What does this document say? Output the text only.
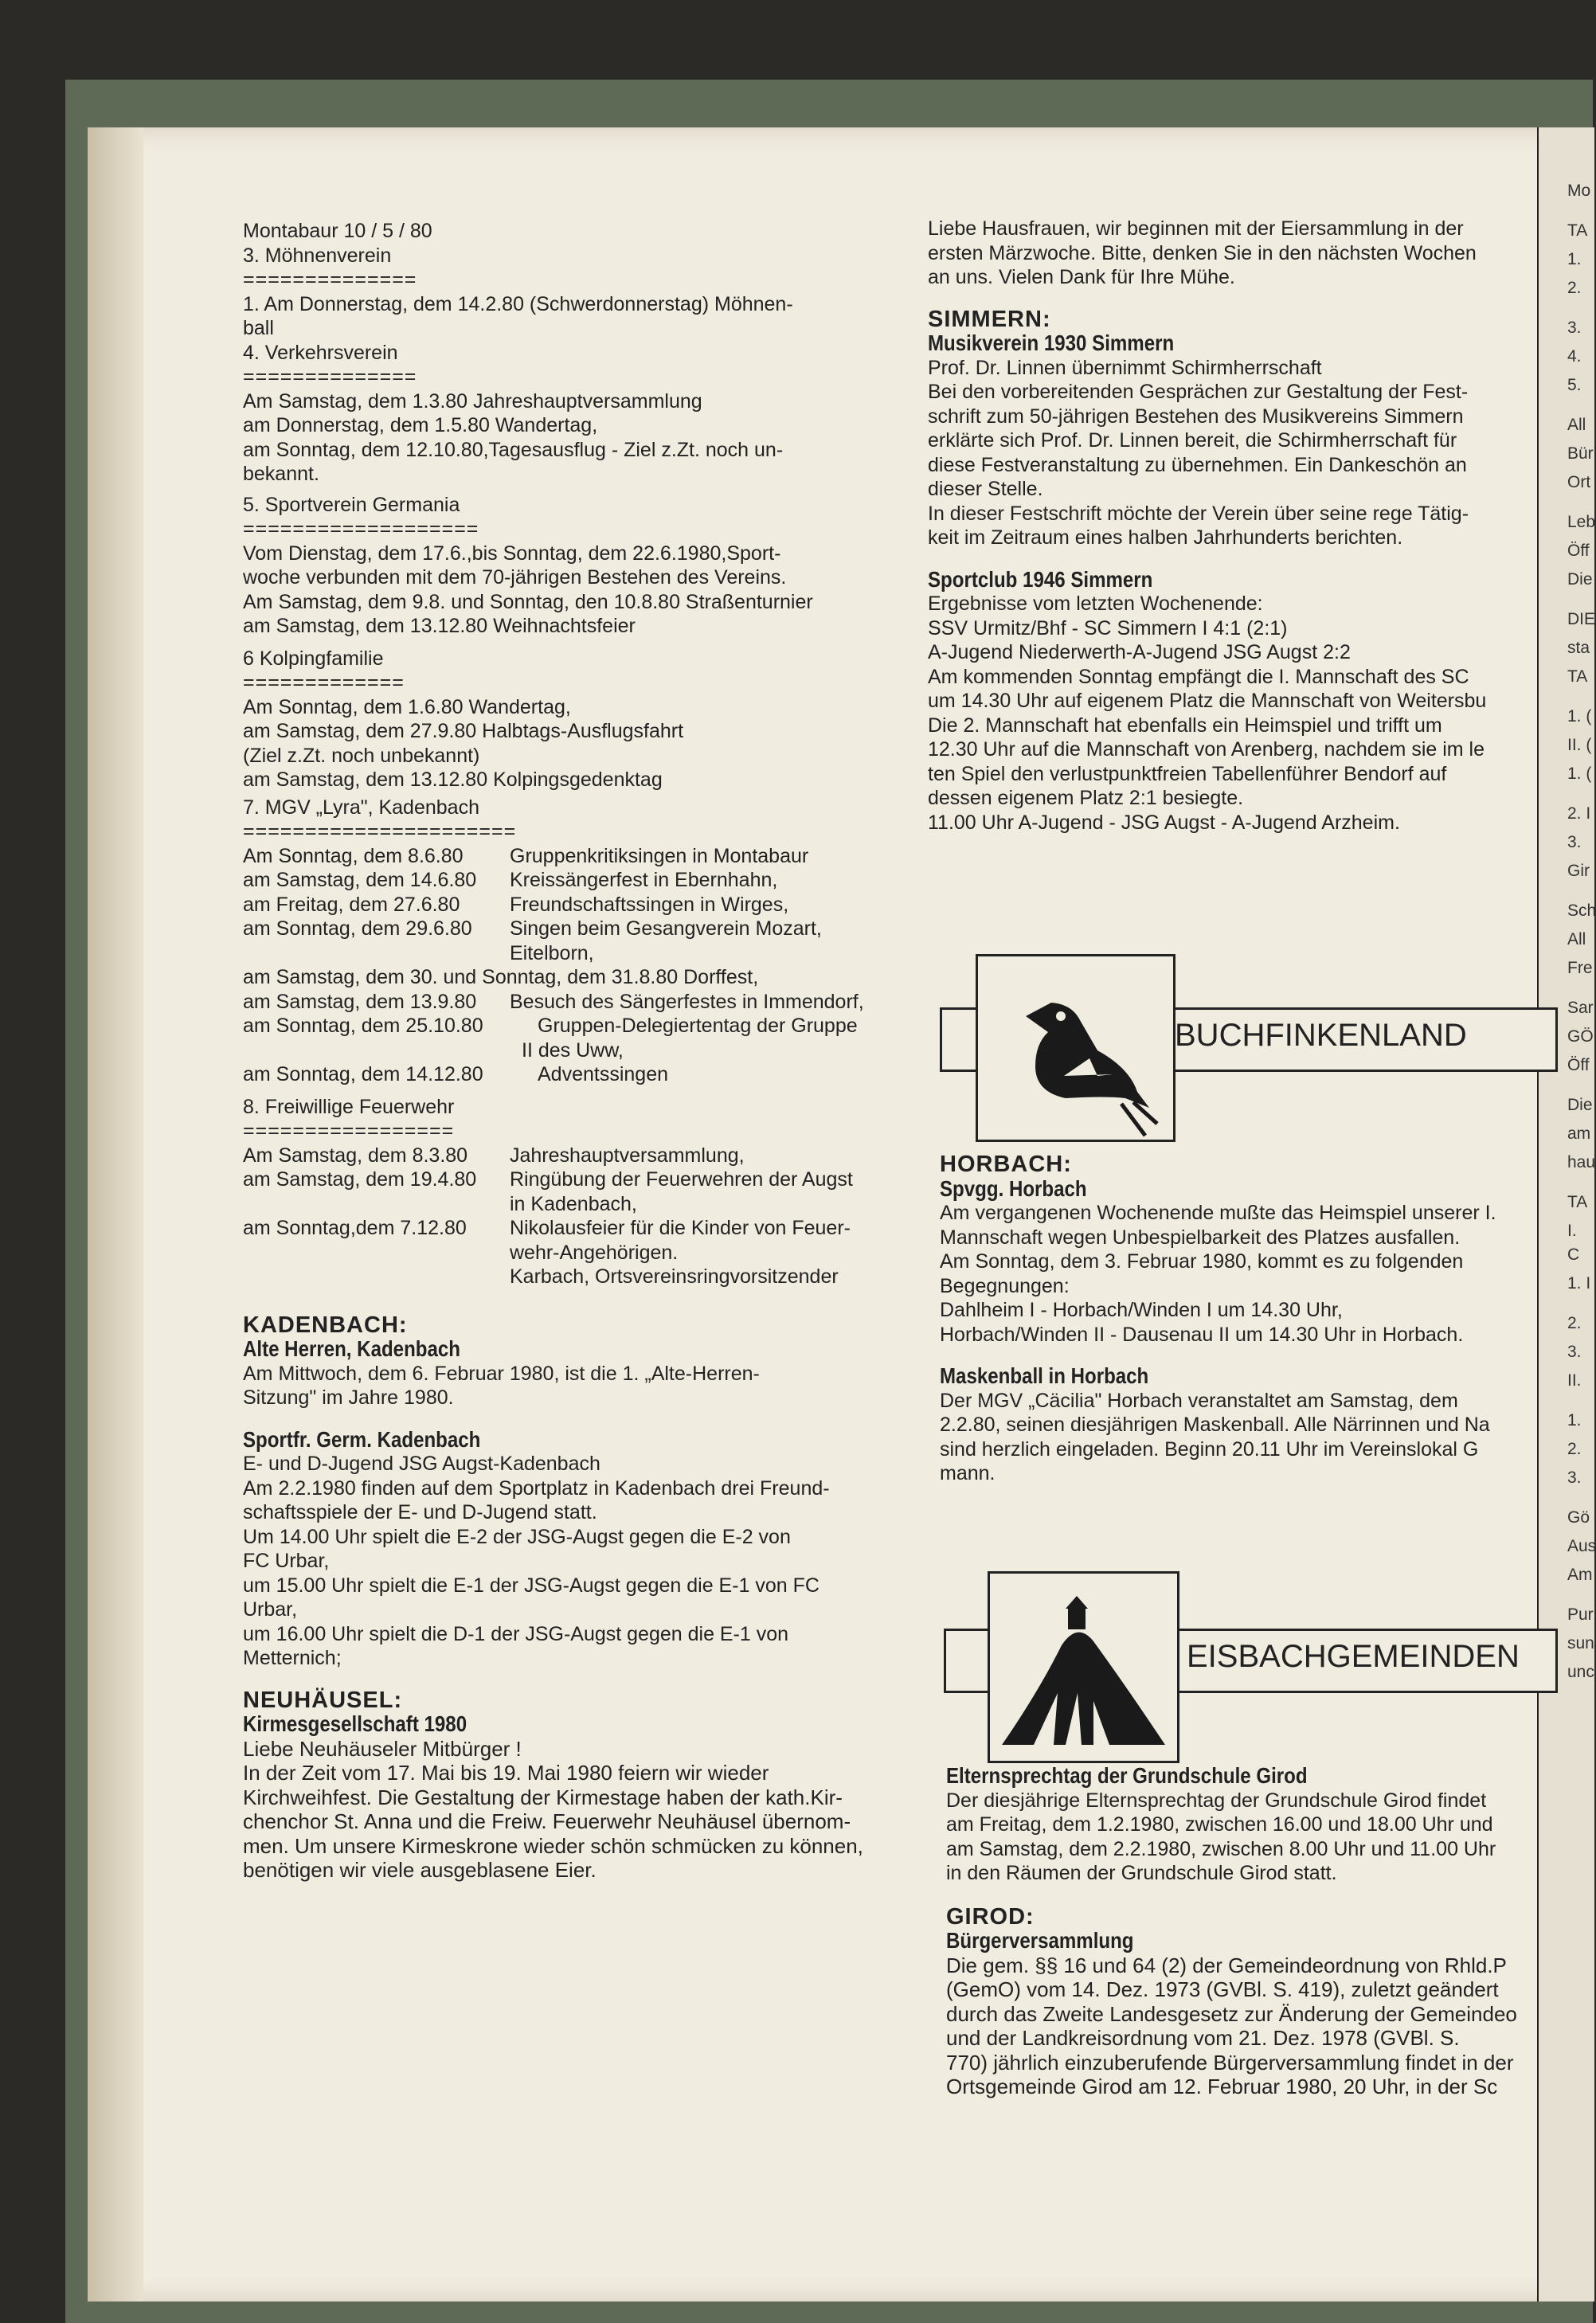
Montabaur 10 / 5 / 80

3. Möhnenverein

==============

1. Am Donnerstag, dem 14.2.80 (Schwerdonnerstag) Möhnen-

ball

4. Verkehrsverein

==============

Am Samstag, dem 1.3.80 Jahreshauptversammlung

am Donnerstag, dem 1.5.80 Wandertag,

am Sonntag, dem 12.10.80,Tagesausflug - Ziel z.Zt. noch un-

bekannt.

5. Sportverein Germania

===================

Vom Dienstag, dem 17.6.,bis Sonntag, dem 22.6.1980,Sport-

woche verbunden mit dem 70-jährigen Bestehen des Vereins.

Am Samstag, dem 9.8. und Sonntag, den 10.8.80 Straßenturnier

am Samstag, dem 13.12.80 Weihnachtsfeier

6 Kolpingfamilie

=============

Am Sonntag, dem 1.6.80 Wandertag,

am Samstag, dem 27.9.80 Halbtags-Ausflugsfahrt

(Ziel z.Zt. noch unbekannt)

am Samstag, dem 13.12.80 Kolpingsgedenktag

7. MGV „Lyra", Kadenbach

======================

Am Sonntag, dem 8.6.80	Gruppenkritiksingen in Montabaur
am Samstag, dem 14.6.80	Kreissängerfest in Ebernhahn,
am Freitag, dem 27.6.80	Freundschaftssingen in Wirges,
am Sonntag, dem 29.6.80	Singen beim Gesangverein Mozart,
Eitelborn,

am Samstag, dem 30. und Sonntag, dem 31.8.80 Dorffest,

am Samstag, dem 13.9.80	Besuch des Sängerfestes in Immendorf,
am Sonntag, dem 25.10.80	Gruppen-Delegiertentag der Gruppe
II des Uww,
am Sonntag, dem 14.12.80	Adventssingen

8. Freiwillige Feuerwehr

=================

Am Samstag, dem 8.3.80	Jahreshauptversammlung,
am Samstag, dem 19.4.80	Ringübung der Feuerwehren der Augst
in Kadenbach,
am Sonntag,dem 7.12.80	Nikolausfeier für die Kinder von Feuer-
wehr-Angehörigen.
Karbach, Ortsvereinsringvorsitzender

KADENBACH:

Alte Herren, Kadenbach

Am Mittwoch, dem 6. Februar 1980, ist die 1. „Alte-Herren-

Sitzung" im Jahre 1980.

Sportfr. Germ. Kadenbach

E- und D-Jugend JSG Augst-Kadenbach

Am 2.2.1980 finden auf dem Sportplatz in Kadenbach drei Freund-

schaftsspiele der E- und D-Jugend statt.

Um 14.00 Uhr spielt die E-2 der JSG-Augst gegen die E-2 von

FC Urbar,

um 15.00 Uhr spielt die E-1 der JSG-Augst gegen die E-1 von FC

Urbar,

um 16.00 Uhr spielt die D-1 der JSG-Augst gegen die E-1 von

Metternich;

NEUHÄUSEL:

Kirmesgesellschaft 1980

Liebe Neuhäuseler Mitbürger !

In der Zeit vom 17. Mai bis 19. Mai 1980 feiern wir wieder

Kirchweihfest. Die Gestaltung der Kirmestage haben der kath.Kir-

chenchor St. Anna und die Freiw. Feuerwehr Neuhäusel übernom-

men. Um unsere Kirmeskrone wieder schön schmücken zu können,

benötigen wir viele ausgeblasene Eier.

Liebe Hausfrauen, wir beginnen mit der Eiersammlung in der

ersten Märzwoche. Bitte, denken Sie in den nächsten Wochen

an uns. Vielen Dank für Ihre Mühe.

SIMMERN:

Musikverein 1930 Simmern

Prof. Dr. Linnen übernimmt Schirmherrschaft

Bei den vorbereitenden Gesprächen zur Gestaltung der Fest-

schrift zum 50-jährigen Bestehen des Musikvereins Simmern

erklärte sich Prof. Dr. Linnen bereit, die Schirmherrschaft für

diese Festveranstaltung zu übernehmen. Ein Dankeschön an

dieser Stelle.

In dieser Festschrift möchte der Verein über seine rege Tätig-

keit im Zeitraum eines halben Jahrhunderts berichten.

Sportclub 1946 Simmern

Ergebnisse vom letzten Wochenende:

SSV Urmitz/Bhf - SC Simmern I 4:1 (2:1)

A-Jugend Niederwerth-A-Jugend JSG Augst 2:2

Am kommenden Sonntag empfängt die I. Mannschaft des SC

um 14.30 Uhr auf eigenem Platz die Mannschaft von Weitersbu

Die 2. Mannschaft hat ebenfalls ein Heimspiel und trifft um

12.30 Uhr auf die Mannschaft von Arenberg, nachdem sie im le

ten Spiel den verlustpunktfreien Tabellenführer Bendorf auf

dessen eigenem Platz 2:1 besiegte.

11.00 Uhr A-Jugend - JSG Augst - A-Jugend Arzheim.

BUCHFINKENLAND

HORBACH:

Spvgg. Horbach

Am vergangenen Wochenende mußte das Heimspiel unserer I.

Mannschaft wegen Unbespielbarkeit des Platzes ausfallen.

Am Sonntag, dem 3. Februar 1980, kommt es zu folgenden

Begegnungen:

Dahlheim I - Horbach/Winden I um 14.30 Uhr,

Horbach/Winden II - Dausenau II um 14.30 Uhr in Horbach.

Maskenball in Horbach

Der MGV „Cäcilia" Horbach veranstaltet am Samstag, dem

2.2.80, seinen diesjährigen Maskenball. Alle Närrinnen und Na

sind herzlich eingeladen. Beginn 20.11 Uhr im Vereinslokal G

mann.

EISBACHGEMEINDEN

Elternsprechtag der Grundschule Girod

Der diesjährige Elternsprechtag der Grundschule Girod findet

am Freitag, dem 1.2.1980, zwischen 16.00 und 18.00 Uhr und

am Samstag, dem 2.2.1980, zwischen 8.00 Uhr und 11.00 Uhr

in den Räumen der Grundschule Girod statt.

GIROD:

Bürgerversammlung

Die gem. §§ 16 und 64 (2) der Gemeindeordnung von Rhld.P

(GemO) vom 14. Dez. 1973 (GVBl. S. 419), zuletzt geändert

durch das Zweite Landesgesetz zur Änderung der Gemeindeo

und der Landkreisordnung vom 21. Dez. 1978 (GVBl. S.

770) jährlich einzuberufende Bürgerversammlung findet in der

Ortsgemeinde Girod am 12. Februar 1980, 20 Uhr, in der Sc

Mo
TA
1.
2.
3.
4.
5.
All
Bür
Ort
Leb
Öff
Die
DIE
sta
TA
1. (
II. (
1. (
2. I
3.
Gir
Sch
All
Fre
Sar
GÖ
Öff
Die
am
hau
TA
I. C
1. I
2.
3.
II.
1.
2.
3.
Gö
Aus
Am
Pur
sun
unc
